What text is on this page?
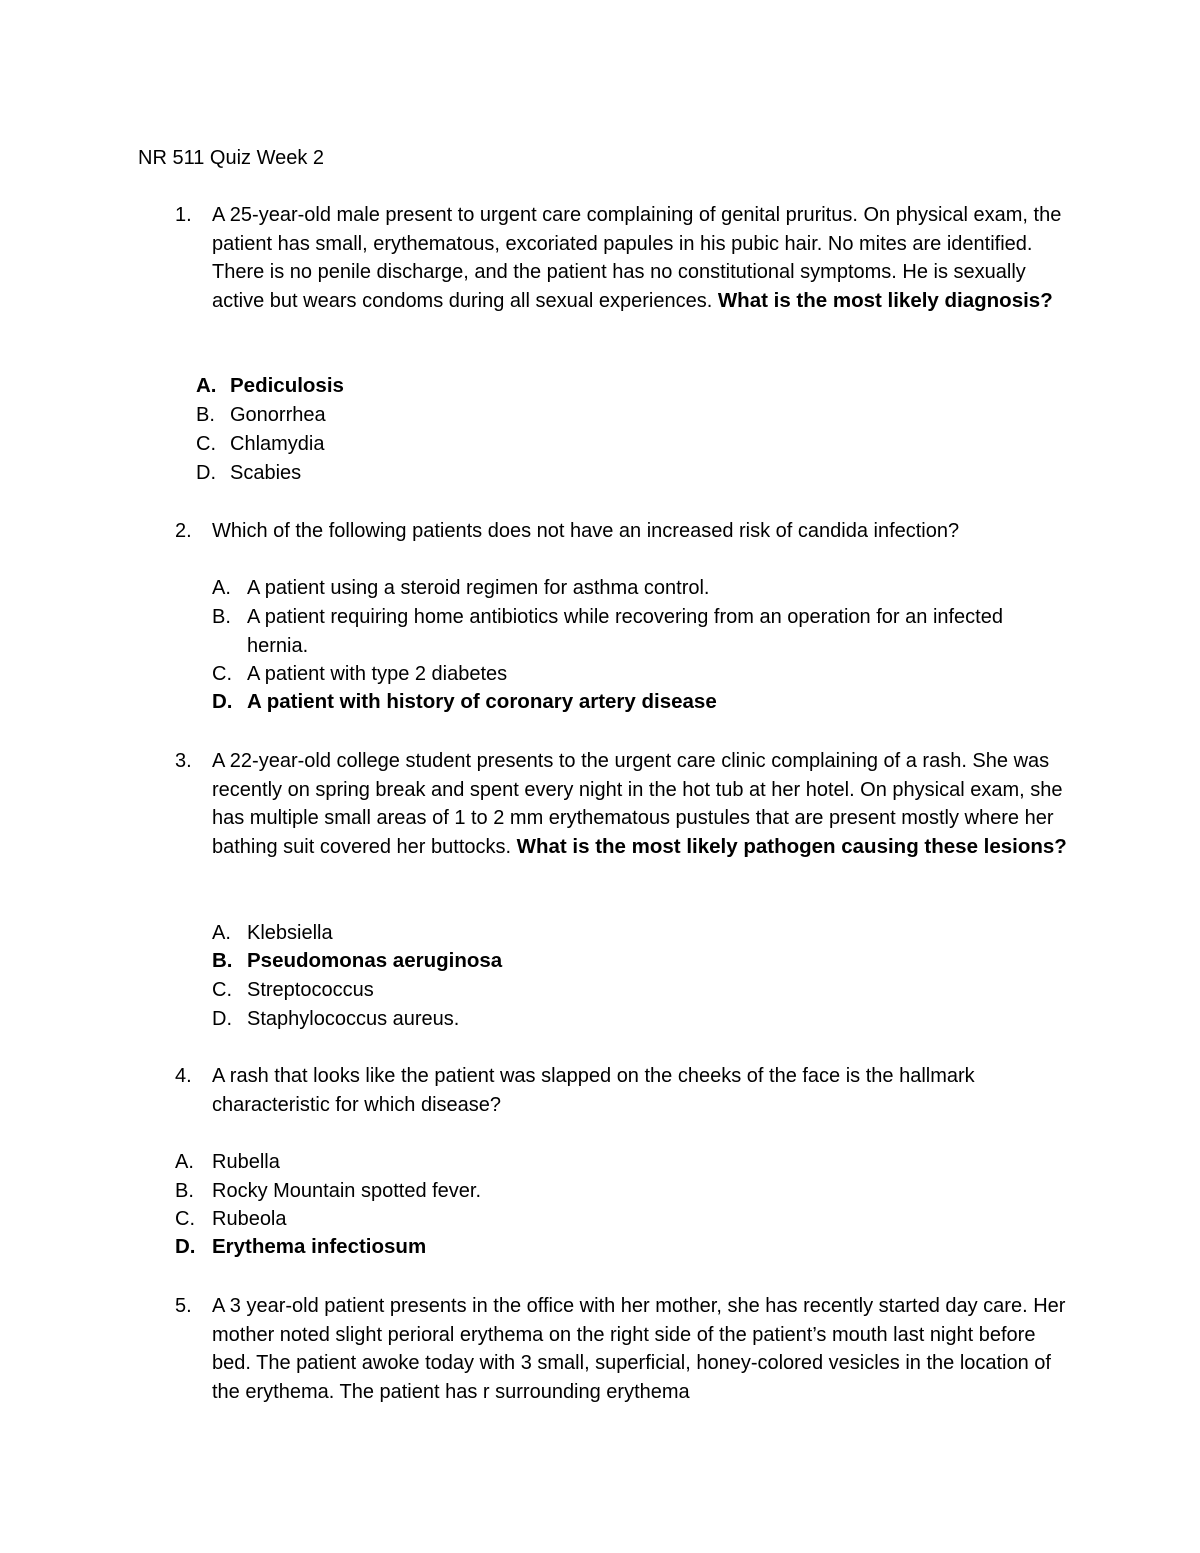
NR 511 Quiz Week 2
1. A 25-year-old male present to urgent care complaining of genital pruritus. On physical exam, the patient has small, erythematous, excoriated papules in his pubic hair. No mites are identified. There is no penile discharge, and the patient has no constitutional symptoms. He is sexually active but wears condoms during all sexual experiences. What is the most likely diagnosis?

A. Pediculosis
B. Gonorrhea
C. Chlamydia
D. Scabies
2. Which of the following patients does not have an increased risk of candida infection?

A. A patient using a steroid regimen for asthma control.
B. A patient requiring home antibiotics while recovering from an operation for an infected hernia.
C. A patient with type 2 diabetes
D. A patient with history of coronary artery disease
3. A 22-year-old college student presents to the urgent care clinic complaining of a rash. She was recently on spring break and spent every night in the hot tub at her hotel. On physical exam, she has multiple small areas of 1 to 2 mm erythematous pustules that are present mostly where her bathing suit covered her buttocks. What is the most likely pathogen causing these lesions?

A. Klebsiella
B. Pseudomonas aeruginosa
C. Streptococcus
D. Staphylococcus aureus.
4. A rash that looks like the patient was slapped on the cheeks of the face is the hallmark characteristic for which disease?

A. Rubella
B. Rocky Mountain spotted fever.
C. Rubeola
D. Erythema infectiosum
5. A 3 year-old patient presents in the office with her mother, she has recently started day care. Her mother noted slight perioral erythema on the right side of the patient’s mouth last night before bed. The patient awoke today with 3 small, superficial, honey-colored vesicles in the location of the erythema. The patient has r surrounding erythema
